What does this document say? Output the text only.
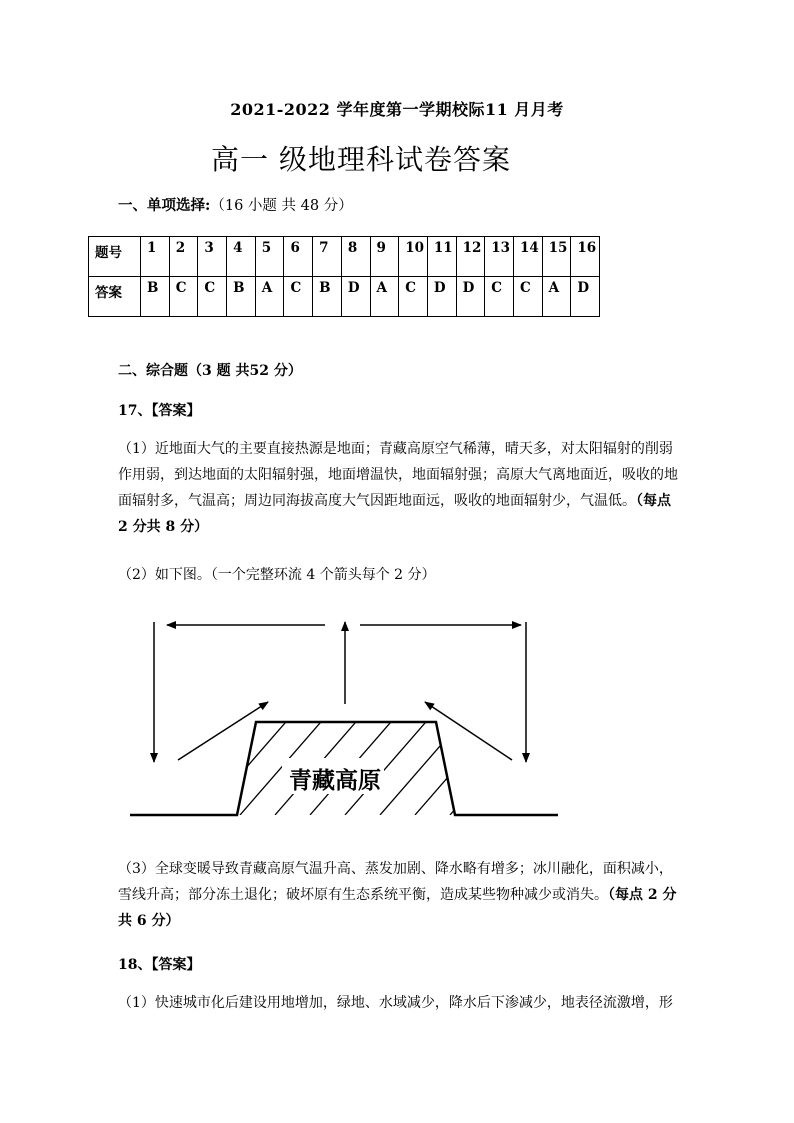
2021-2022 学年度第一学期校际11 月月考
高一 级地理科试卷答案
一、单项选择:（16 小题 共 48 分）
题号	1	2	3	4	5	6	7	8	9	10	11	12	13	14	15	16
答案	B	C	C	B	A	C	B	D	A	C	D	D	C	C	A	D
二、综合题（3 题 共52 分）
17、【答案】
（1）近地面大气的主要直接热源是地面；青藏高原空气稀薄，晴天多，对太阳辐射的削弱作用弱，到达地面的太阳辐射强，地面增温快，地面辐射强；高原大气离地面近，吸收的地面辐射多，气温高；周边同海拔高度大气因距地面远，吸收的地面辐射少，气温低。（每点 2 分共 8 分）
（2）如下图。（一个完整环流 4 个箭头每个 2 分）
青藏高原
（3）全球变暖导致青藏高原气温升高、蒸发加剧、降水略有增多；冰川融化，面积减小，雪线升高；部分冻土退化；破坏原有生态系统平衡，造成某些物种减少或消失。（每点 2 分共 6 分）
18、【答案】
（1）快速城市化后建设用地增加，绿地、水域减少，降水后下渗减少，地表径流激增，形
